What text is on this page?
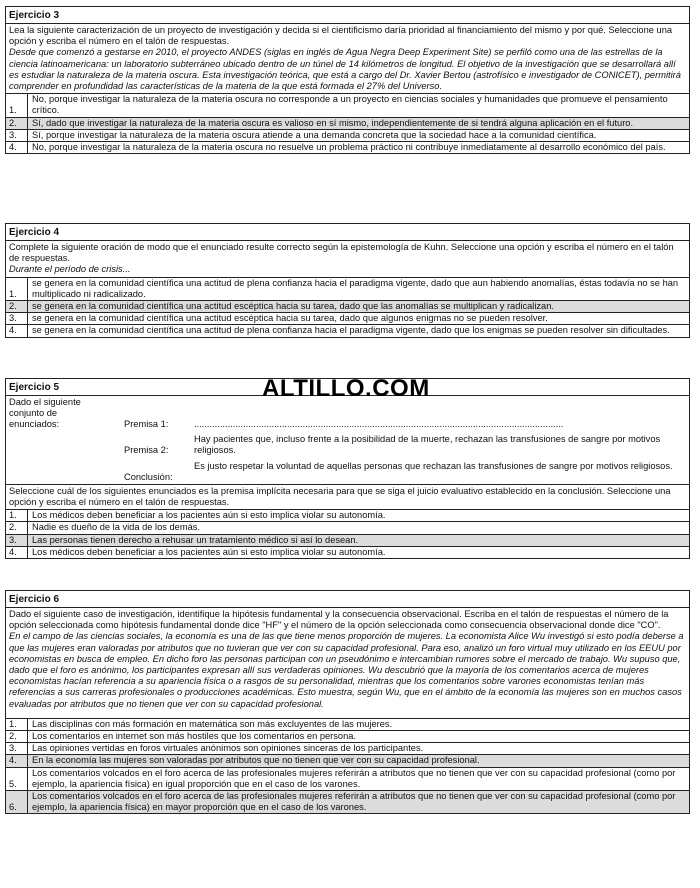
Ejercicio 3
Lea la siguiente caracterización de un proyecto de investigación y decida si el cientificismo daría prioridad al financiamiento del mismo y por qué. Seleccione una opción y escriba el número en el talón de respuestas.
Desde que comenzó a gestarse en 2010, el proyecto ANDES (siglas en inglés de Agua Negra Deep Experiment Site) se perfiló como una de las estrellas de la ciencia latinoamericana: un laboratorio subterráneo ubicado dentro de un túnel de 14 kilómetros de longitud. El objetivo de la investigación que se desarrollará allí es estudiar la naturaleza de la materia oscura. Esta investigación teórica, que está a cargo del Dr. Xavier Bertou (astrofísico e investigador de CONICET), permitirá comprender en profundidad las características de la materia de la que está formada el 27% del Universo.
1.
No, porque investigar la naturaleza de la materia oscura no corresponde a un proyecto en ciencias sociales y humanidades que promueve el pensamiento crítico.
2.	Sí, dado que investigar la naturaleza de la materia oscura es valioso en sí mismo, independientemente de si tendrá alguna aplicación en el futuro.
3.	Sí, porque investigar la naturaleza de la materia oscura atiende a una demanda concreta que la sociedad hace a la comunidad científica.
4.	No, porque investigar la naturaleza de la materia oscura no resuelve un problema práctico ni contribuye inmediatamente al desarrollo económico del país.
Ejercicio 4
Complete la siguiente oración de modo que el enunciado resulte correcto según la epistemología de Kuhn. Seleccione una opción y escriba el número en el talón de respuestas.
Durante el período de crisis...
1.
se genera en la comunidad científica una actitud de plena confianza hacia el paradigma vigente, dado que aun habiendo anomalías, éstas todavía no se han multiplicado ni radicalizado.
2.	se genera en la comunidad científica una actitud escéptica hacia su tarea, dado que las anomalías se multiplican y radicalizan.
3.	se genera en la comunidad científica una actitud escéptica hacia su tarea, dado que algunos enigmas no se pueden resolver.
4.	se genera en la comunidad científica una actitud de plena confianza hacia el paradigma vigente, dado que los enigmas se pueden resolver sin dificultades.
Ejercicio 5
Dado el siguiente conjunto de enunciados:	Premisa 1:	...............................................................................................................................................
Premisa 2:
Hay pacientes que, incluso frente a la posibilidad de la muerte, rechazan las transfusiones de sangre por motivos religiosos.
Conclusión:
Es justo respetar la voluntad de aquellas personas que rechazan las transfusiones de sangre por motivos religiosos.
Seleccione cuál de los siguientes enunciados es la premisa implícita necesaria para que se siga el juicio evaluativo establecido en la conclusión. Seleccione una opción y escriba el número en el talón de respuestas.
1.	Los médicos deben beneficiar a los pacientes aún si esto implica violar su autonomía.
2.	Nadie es dueño de la vida de los demás.
3.	Las personas tienen derecho a rehusar un tratamiento médico si así lo desean.
4.	Los médicos deben beneficiar a los pacientes aún si esto implica violar su autonomía.
Ejercicio 6
Dado el siguiente caso de investigación, identifique la hipótesis fundamental y la consecuencia observacional. Escriba en el talón de respuestas el número de la opción seleccionada como hipótesis fundamental donde dice "HF" y el número de la opción seleccionada como consecuencia observacional donde dice "CO".
En el campo de las ciencias sociales, la economía es una de las que tiene menos proporción de mujeres. La economista Alice Wu investigó si esto podía deberse a que las mujeres eran valoradas por atributos que no tuvieran que ver con su capacidad profesional. Para eso, analizó un foro virtual muy utilizado en los EEUU por economistas en busca de empleo. En dicho foro las personas participan con un pseudónimo e intercambian rumores sobre el mercado de trabajo. Wu supuso que, dado que el foro es anónimo, los participantes expresan allí sus verdaderas opiniones. Wu descubrió que la mayoría de los comentarios acerca de mujeres economistas hacían referencia a su apariencia física o a rasgos de su personalidad, mientras que los comentarios sobre varones economistas tenían más referencias a sus carreras profesionales o producciones académicas. Esto muestra, según Wu, que en el ámbito de la economía las mujeres son en muchos casos evaluadas por atributos que no tienen que ver con su capacidad profesional.
1.	Las disciplinas con más formación en matemática son más excluyentes de las mujeres.
2.	Los comentarios en internet son más hostiles que los comentarios en persona.
3.	Las opiniones vertidas en foros virtuales anónimos son opiniones sinceras de los participantes.
4.	En la economía las mujeres son valoradas por atributos que no tienen que ver con su capacidad profesional.
5.
Los comentarios volcados en el foro acerca de las profesionales mujeres referirán a atributos que no tienen que ver con su capacidad profesional (como por ejemplo, la apariencia física) en igual proporción que en el caso de los varones.
6.
Los comentarios volcados en el foro acerca de las profesionales mujeres referirán a atributos que no tienen que ver con su capacidad profesional (como por ejemplo, la apariencia física) en mayor proporción que en el caso de los varones.
ALTILLO.COM
